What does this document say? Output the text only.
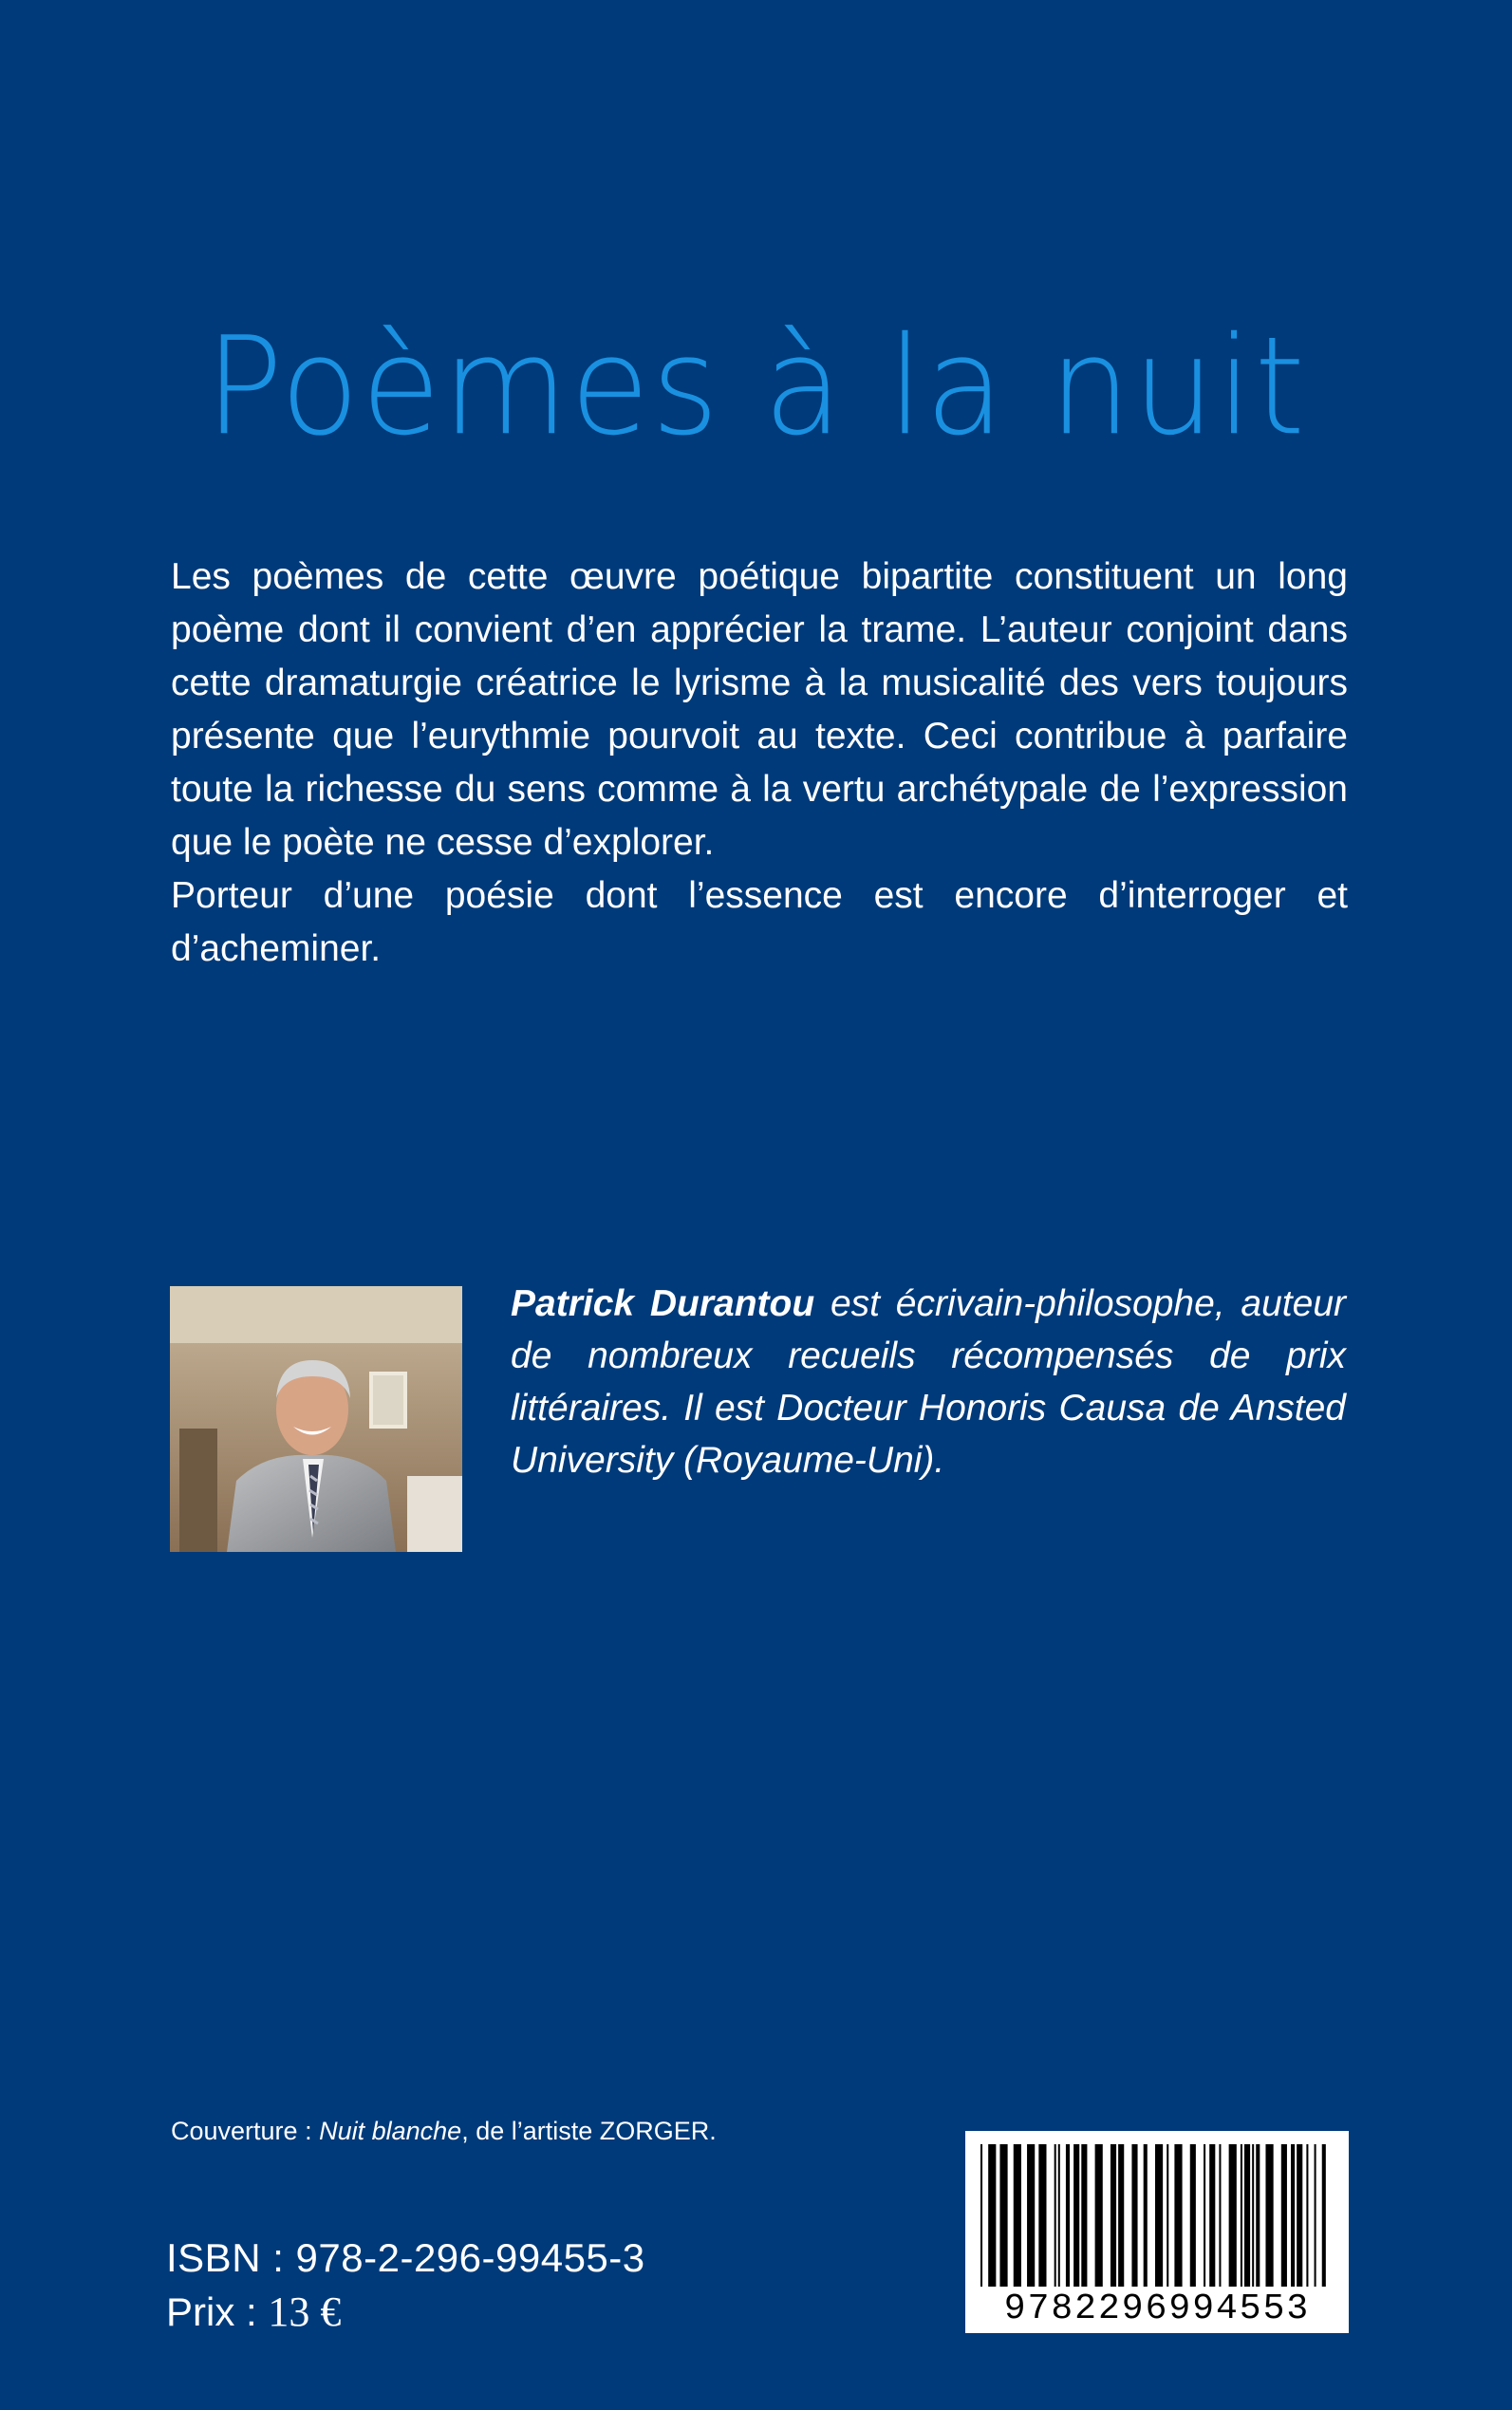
Poèmes à la nuit

Les poèmes de cette œuvre poétique bipartite constituent un long poème dont il convient d’en apprécier la trame. L’auteur conjoint dans cette dramaturgie créatrice le lyrisme à la musicalité des vers toujours présente que l’eurythmie pourvoit au texte. Ceci contribue à parfaire toute la richesse du sens comme à la vertu archétypale de l’expression que le poète ne cesse d’explorer.

Porteur d’une poésie dont l’essence est encore d’interroger et d’acheminer.

Patrick Durantou est écrivain-philosophe, auteur de nombreux recueils récompensés de prix littéraires. Il est Docteur Honoris Causa de Ansted University (Royaume-Uni).
Couverture : Nuit blanche, de l’artiste ZORGER.
ISBN : 978-2-296-99455-3
Prix : 13 €	9782296994553
